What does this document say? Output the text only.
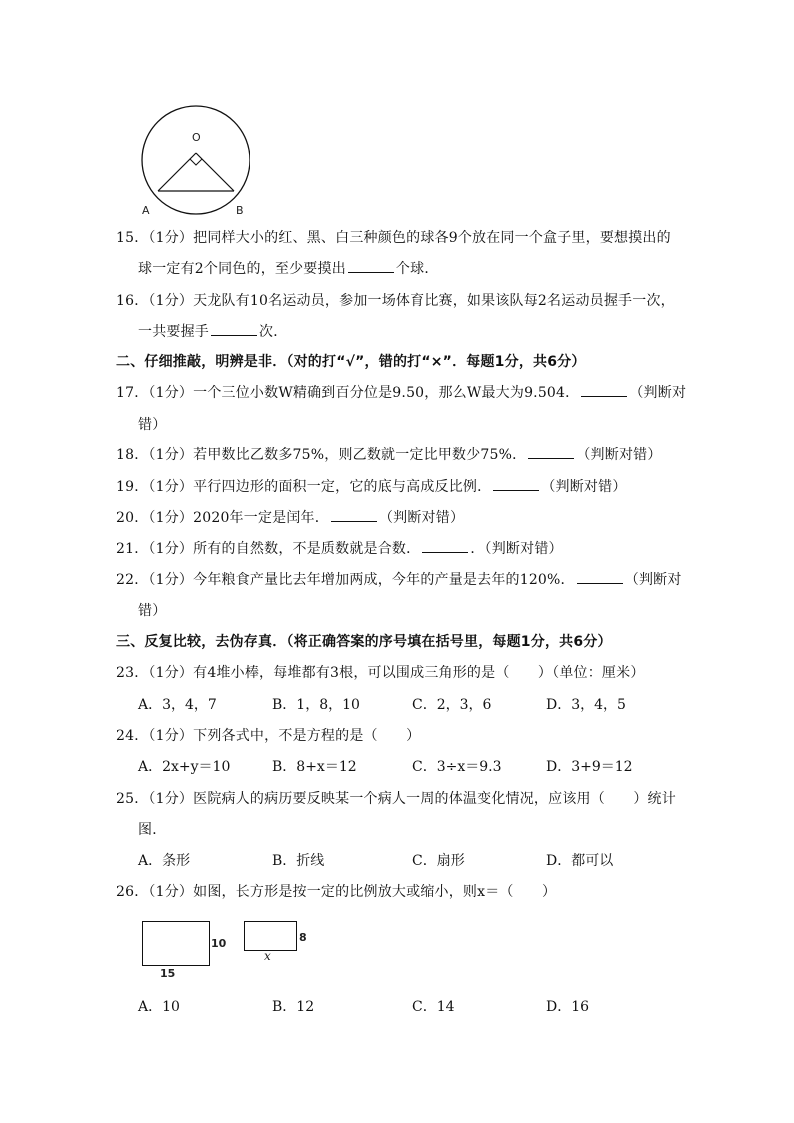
O
A	B
15．（1分）把同样大小的红、黑、白三种颜色的球各9个放在同一个盒子里，要想摸出的
球一定有2个同色的，至少要摸出	个球．
16．（1分）天龙队有10名运动员，参加一场体育比赛，如果该队每2名运动员握手一次，
一共要握手	次．
二、仔细推敲，明辨是非．（对的打“√”，错的打“×”．每题1分，共6分）
17．（1分）一个三位小数W精确到百分位是9.50，那么W最大为9.504．	（判断对
错）
18．（1分）若甲数比乙数多75%，则乙数就一定比甲数少75%．	（判断对错）
19．（1分）平行四边形的面积一定，它的底与高成反比例．	（判断对错）
20．（1分）2020年一定是闰年．	（判断对错）
21．（1分）所有的自然数，不是质数就是合数．	．（判断对错）
22．（1分）今年粮食产量比去年增加两成，今年的产量是去年的120%．	（判断对
错）
三、反复比较，去伪存真．（将正确答案的序号填在括号里，每题1分，共6分）
23．（1分）有4堆小棒，每堆都有3根，可以围成三角形的是（　　）（单位：厘米）
A．3，4，7	B．1，8，10	C．2，3，6	D．3，4，5
24．（1分）下列各式中，不是方程的是（　　）
A．2x+y＝10	B．8+x＝12	C．3÷x＝9.3	D．3+9＝12
25．（1分）医院病人的病历要反映某一个病人一周的体温变化情况，应该用（　　）统计
图．
A．条形	B．折线	C．扇形	D．都可以
26．（1分）如图，长方形是按一定的比例放大或缩小，则x＝（　　）
10
15
8
x
A．10	B．12	C．14	D．16
